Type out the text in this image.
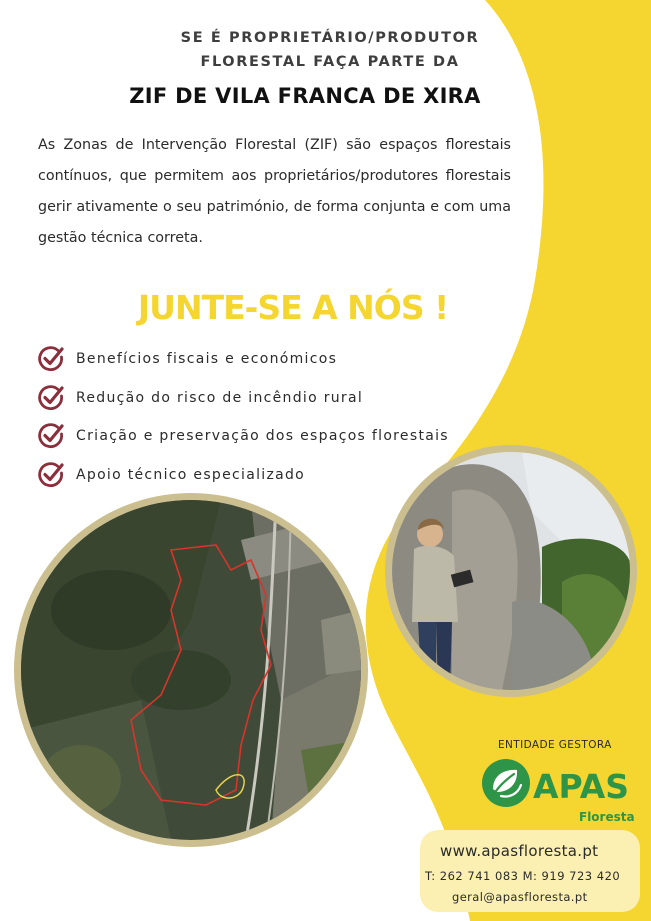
SE É PROPRIETÁRIO/PRODUTOR
FLORESTAL FAÇA PARTE DA
ZIF DE VILA FRANCA DE XIRA
As Zonas de Intervenção Florestal (ZIF) são espaços florestais contínuos, que permitem aos proprietários/produtores florestais gerir ativamente o seu património, de forma conjunta e com uma gestão técnica correta.
JUNTE-SE A NÓS !
Benefícios fiscais e económicos
Redução do risco de incêndio rural
Criação e preservação dos espaços florestais
Apoio técnico especializado
ENTIDADE GESTORA
APAS
Floresta
www.apasfloresta.pt
T: 262 741 083 M: 919 723 420
geral@apasfloresta.pt
